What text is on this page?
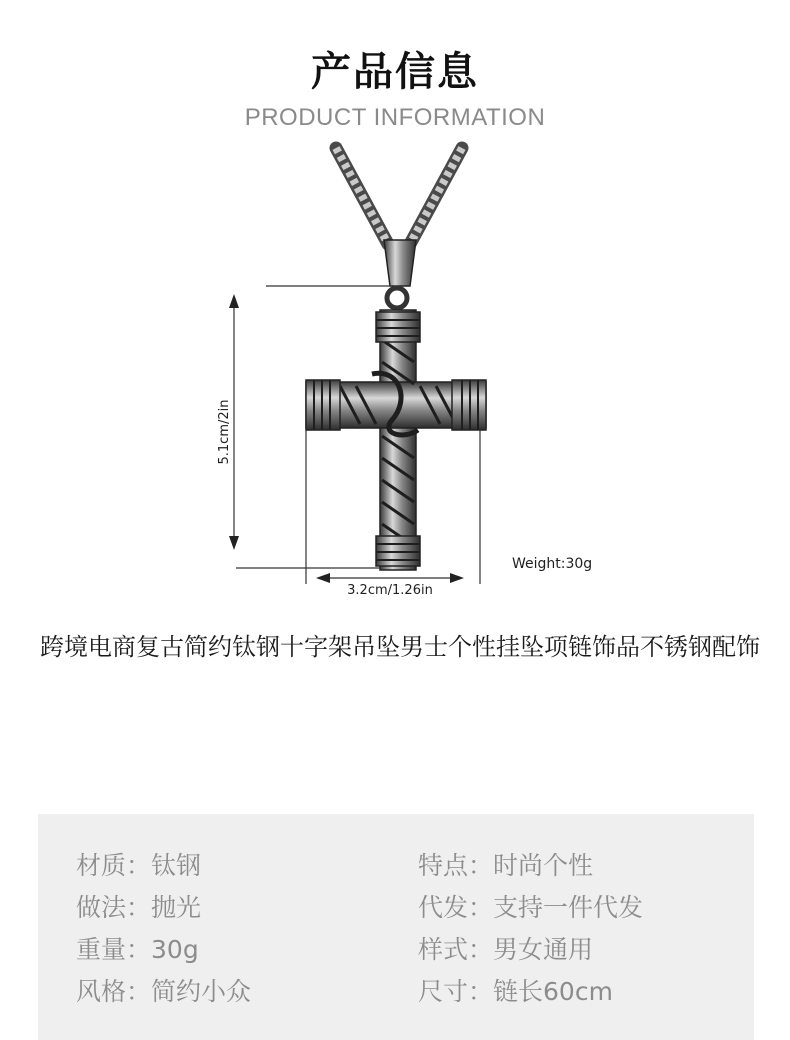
产品信息
PRODUCT INFORMATION
5.1cm/2in
3.2cm/1.26in
Weight:30g
跨境电商复古简约钛钢十字架吊坠男士个性挂坠项链饰品不锈钢配饰
材质 ： 钛钢
做法 ： 抛光
重量 ： 30g
风格 ： 简约小众
特点 ： 时尚个性
代发 ： 支持一件代发
样式 ： 男女通用
尺寸 ： 链长60cm
